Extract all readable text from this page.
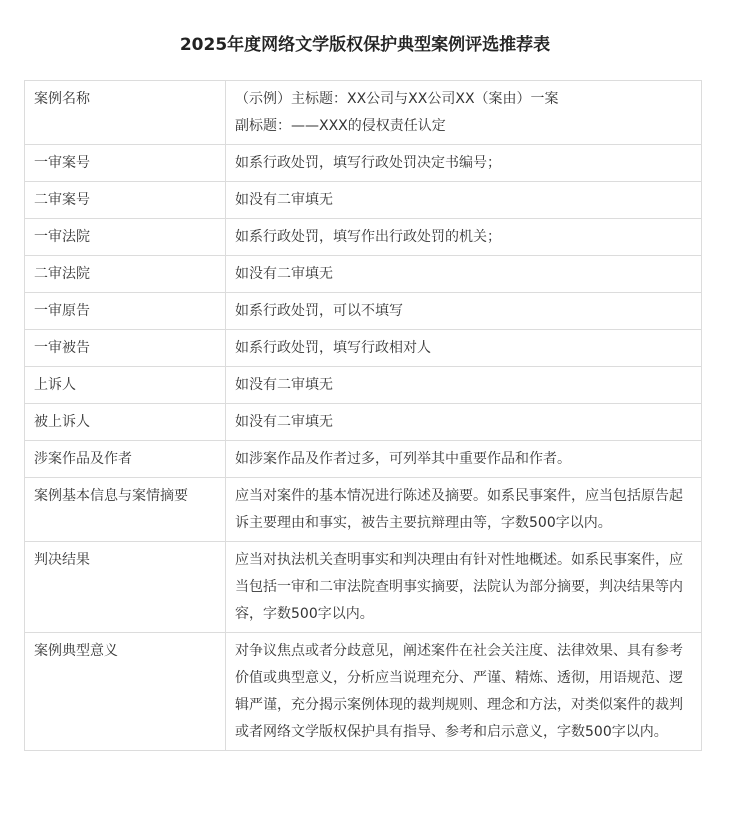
2025年度网络文学版权保护典型案例评选推荐表
案例名称	（示例）主标题：XX公司与XX公司XX（案由）一案
副标题：——XXX的侵权责任认定

一审案号	如系行政处罚，填写行政处罚决定书编号；
二审案号	如没有二审填无
一审法院	如系行政处罚，填写作出行政处罚的机关；
二审法院	如没有二审填无
一审原告	如系行政处罚，可以不填写
一审被告	如系行政处罚，填写行政相对人
上诉人	如没有二审填无
被上诉人	如没有二审填无
涉案作品及作者	如涉案作品及作者过多，可列举其中重要作品和作者。
案例基本信息与案情摘要	应当对案件的基本情况进行陈述及摘要。如系民事案件，应当包括原告起诉主要理由和事实，被告主要抗辩理由等，字数500字以内。
判决结果	应当对执法机关查明事实和判决理由有针对性地概述。如系民事案件，应当包括一审和二审法院查明事实摘要，法院认为部分摘要，判决结果等内容，字数500字以内。
案例典型意义	对争议焦点或者分歧意见，阐述案件在社会关注度、法律效果、具有参考价值或典型意义，分析应当说理充分、严谨、精炼、透彻，用语规范、逻辑严谨，充分揭示案例体现的裁判规则、理念和方法，对类似案件的裁判或者网络文学版权保护具有指导、参考和启示意义，字数500字以内。
